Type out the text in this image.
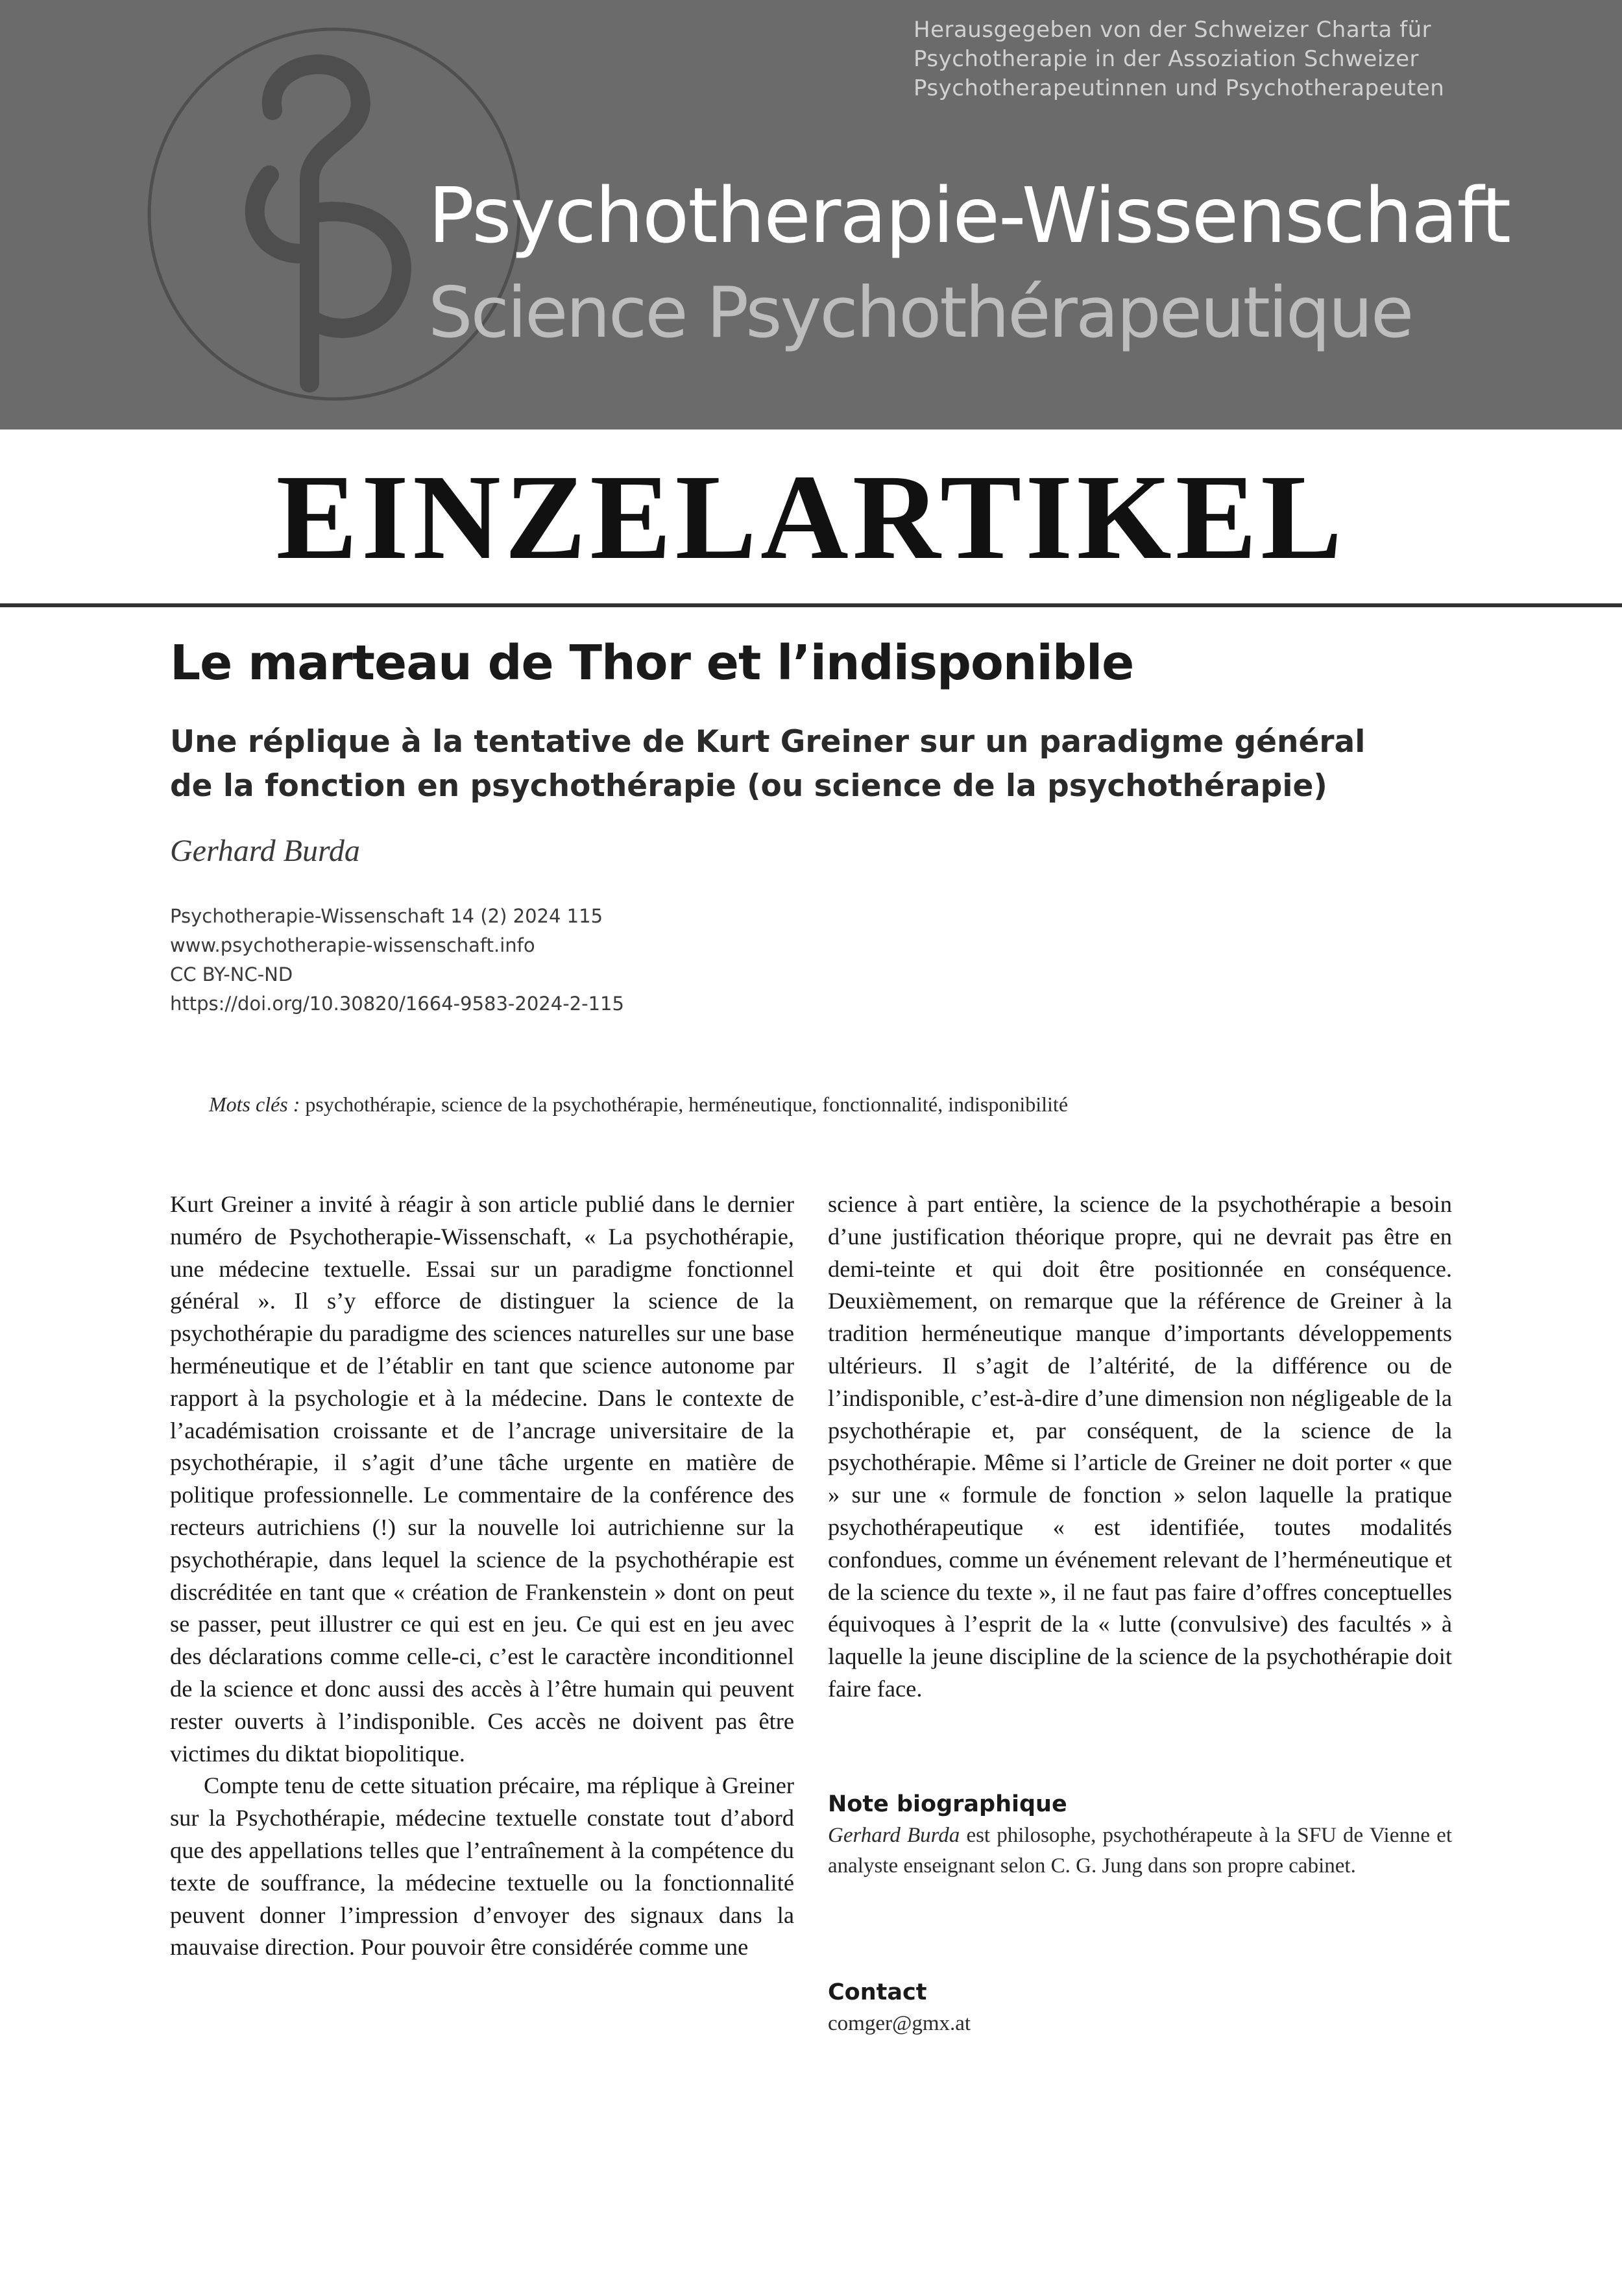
Herausgegeben von der Schweizer Charta für
Psychotherapie in der Assoziation Schweizer
Psychotherapeutinnen und Psychotherapeuten
Psychotherapie-Wissenschaft
Science Psychothérapeutique
EINZELARTIKEL
Le marteau de Thor et l’indisponible
Une réplique à la tentative de Kurt Greiner sur un paradigme général
de la fonction en psychothérapie (ou science de la psychothérapie)
Gerhard Burda
Psychotherapie-Wissenschaft 14 (2) 2024 115
www.psychotherapie-wissenschaft.info
CC BY-NC-ND
https://doi.org/10.30820/1664-9583-2024-2-115
Mots clés : psychothérapie, science de la psychothérapie, herméneutique, fonctionnalité, indisponibilité

Kurt Greiner a invité à réagir à son article publié dans le dernier numéro de Psychotherapie-Wissenschaft, « La psychothérapie, une médecine textuelle. Essai sur un paradigme fonctionnel général ». Il s’y efforce de distinguer la science de la psychothérapie du paradigme des sciences naturelles sur une base herméneutique et de l’établir en tant que science autonome par rapport à la psychologie et à la médecine. Dans le contexte de l’académisation croissante et de l’ancrage universitaire de la psychothérapie, il s’agit d’une tâche urgente en matière de politique professionnelle. Le commentaire de la conférence des recteurs autrichiens (!) sur la nouvelle loi autrichienne sur la psychothérapie, dans lequel la science de la psychothérapie est discréditée en tant que « création de Frankenstein » dont on peut se passer, peut illustrer ce qui est en jeu. Ce qui est en jeu avec des déclarations comme celle-ci, c’est le caractère inconditionnel de la science et donc aussi des accès à l’être humain qui peuvent rester ouverts à l’indisponible. Ces accès ne doivent pas être victimes du diktat biopolitique.

Compte tenu de cette situation précaire, ma réplique à Greiner sur la Psychothérapie, médecine textuelle constate tout d’abord que des appellations telles que l’entraînement à la compétence du texte de souffrance, la médecine textuelle ou la fonctionnalité peuvent donner l’impression d’envoyer des signaux dans la mauvaise direction. Pour pouvoir être considérée comme une

science à part entière, la science de la psychothérapie a besoin d’une justification théorique propre, qui ne devrait pas être en demi-teinte et qui doit être positionnée en conséquence. Deuxièmement, on remarque que la référence de Greiner à la tradition herméneutique manque d’importants développements ultérieurs. Il s’agit de l’altérité, de la différence ou de l’indisponible, c’est-à-dire d’une dimension non négligeable de la psychothérapie et, par conséquent, de la science de la psychothérapie. Même si l’article de Greiner ne doit porter « que » sur une « formule de fonction » selon laquelle la pratique psychothérapeutique « est identifiée, toutes modalités confondues, comme un événement relevant de l’herméneutique et de la science du texte », il ne faut pas faire d’offres conceptuelles équivoques à l’esprit de la « lutte (convulsive) des facultés » à laquelle la jeune discipline de la science de la psychothérapie doit faire face.

Note biographique
Gerhard Burda est philosophe, psychothérapeute à la SFU de Vienne et analyste enseignant selon C. G. Jung dans son propre cabinet.
Contact
comger@gmx.at
